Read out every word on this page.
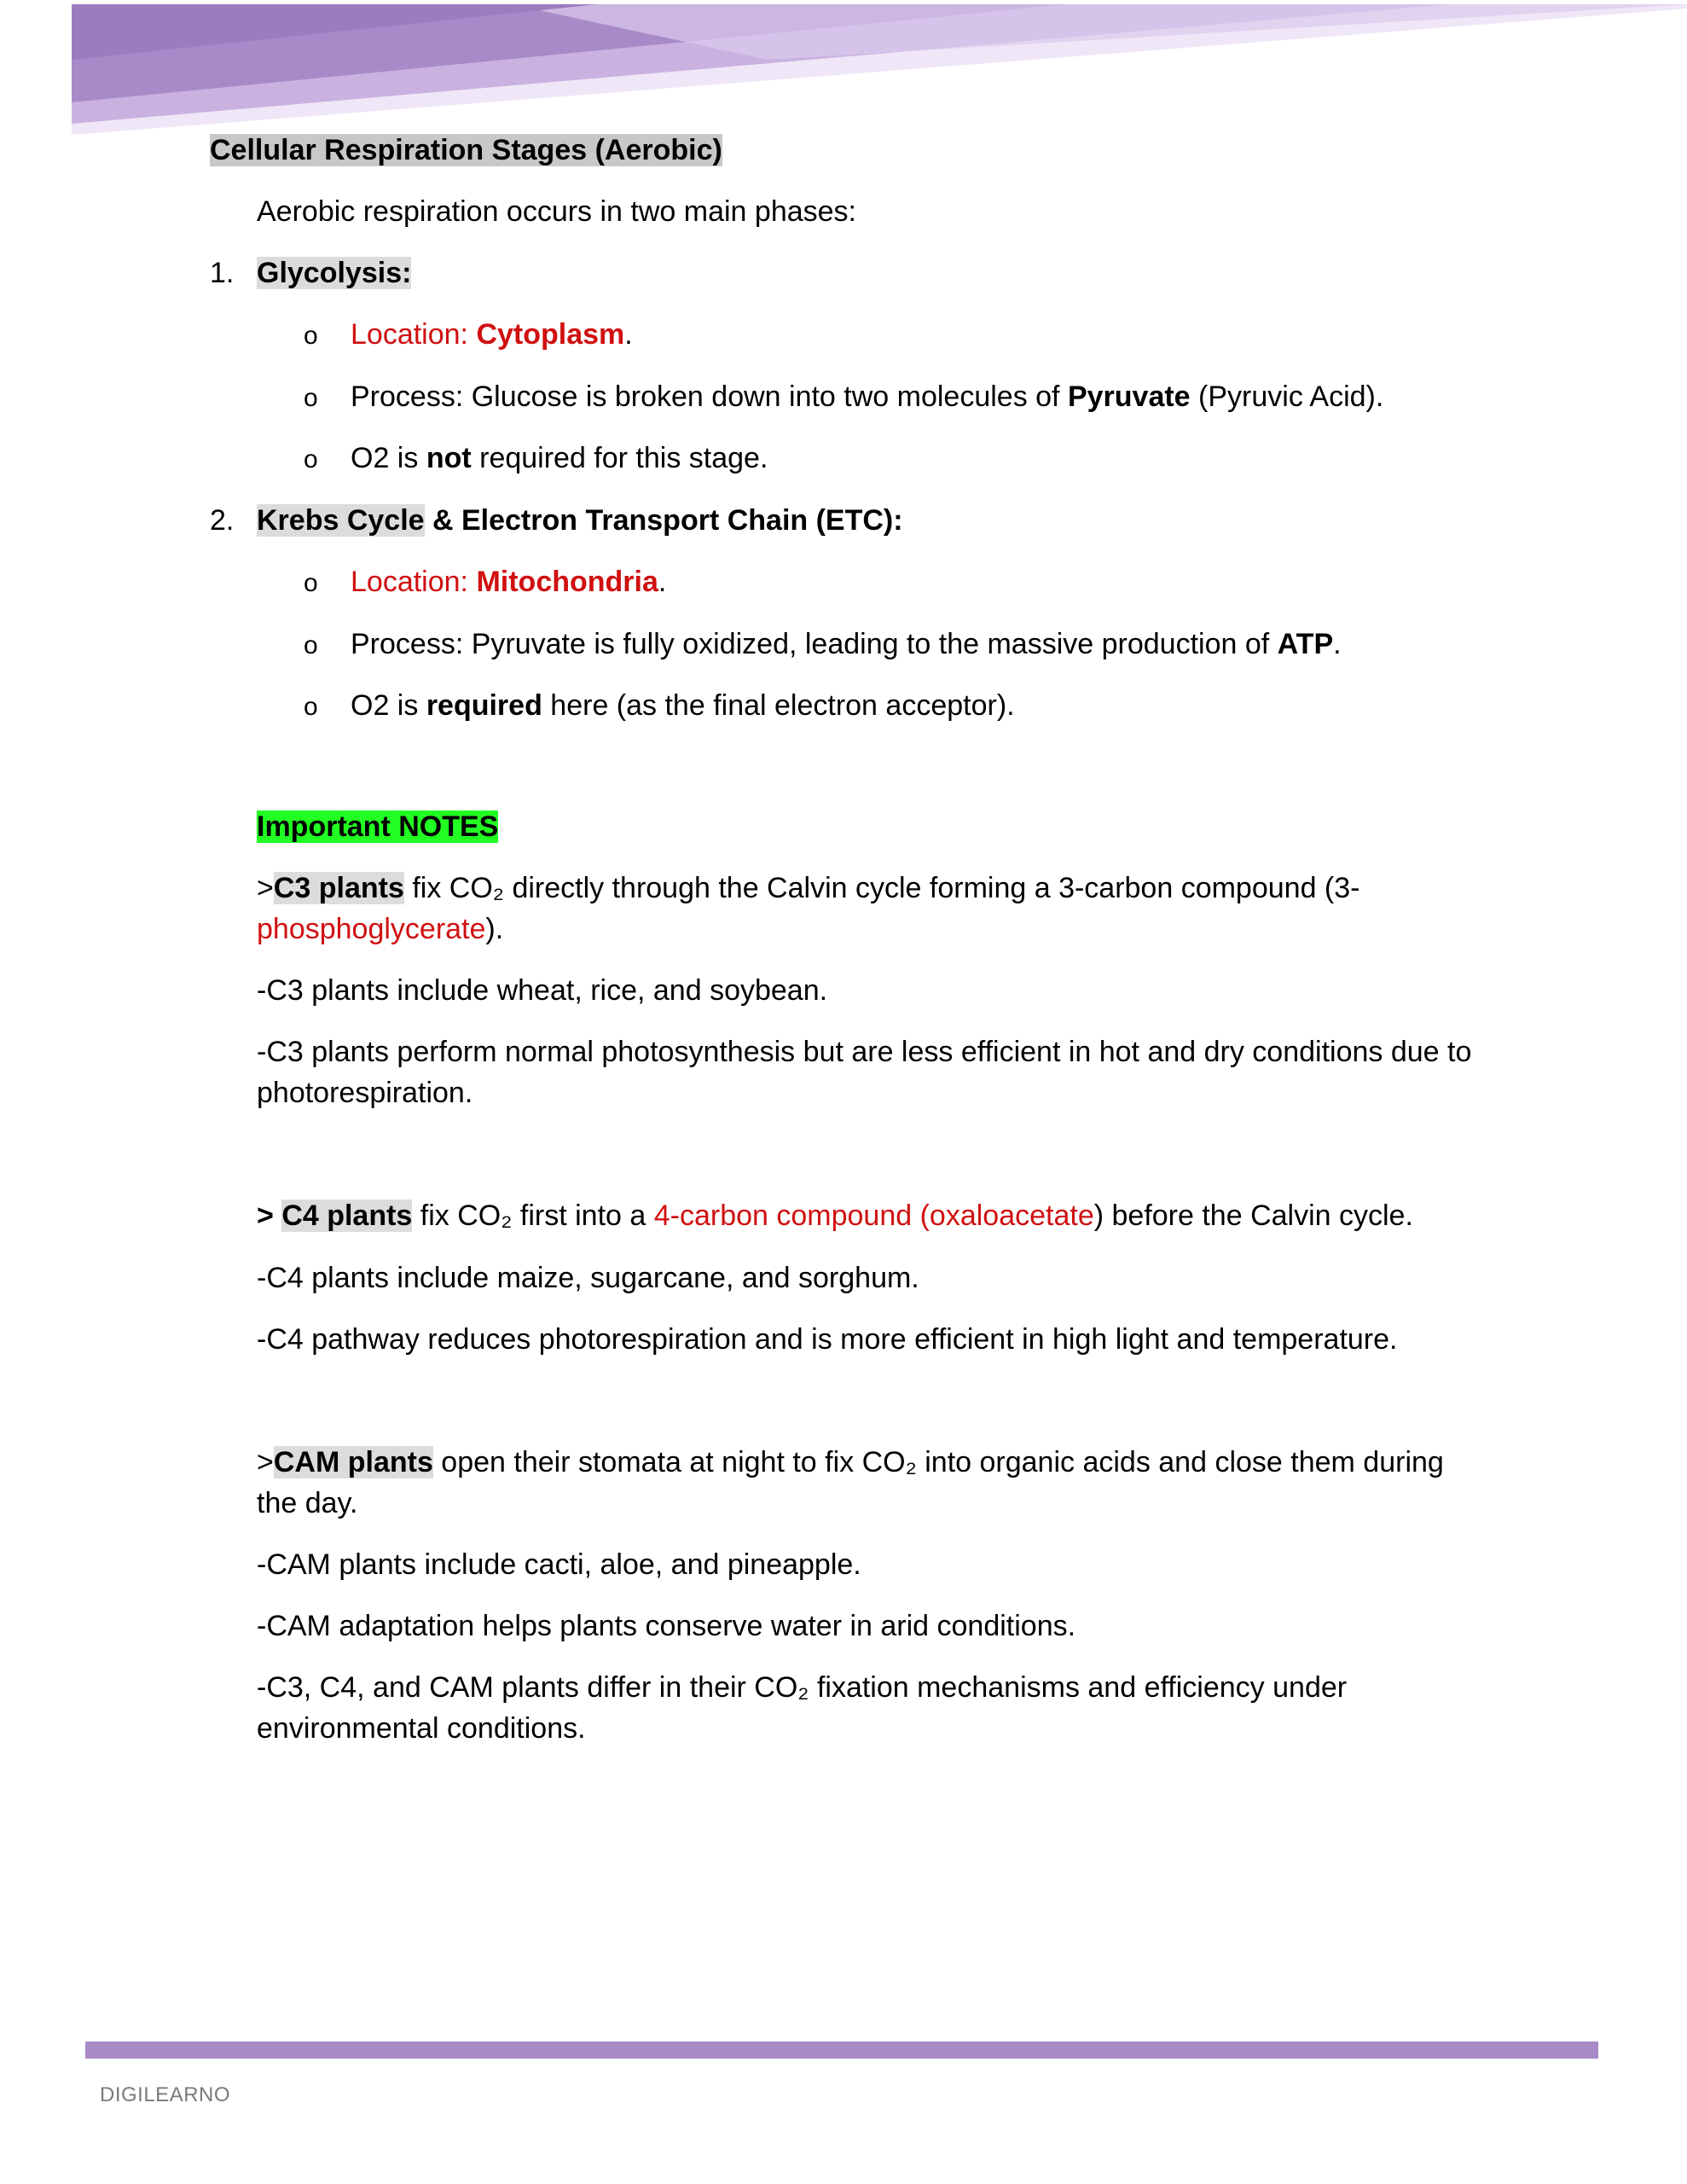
Cellular Respiration Stages (Aerobic)
Aerobic respiration occurs in two main phases:
1. Glycolysis:
o Location: Cytoplasm.
o Process: Glucose is broken down into two molecules of Pyruvate (Pyruvic Acid).
o O2 is not required for this stage.
2. Krebs Cycle & Electron Transport Chain (ETC):
o Location: Mitochondria.
o Process: Pyruvate is fully oxidized, leading to the massive production of ATP.
o O2 is required here (as the final electron acceptor).
Important NOTES
>C3 plants fix CO₂ directly through the Calvin cycle forming a 3-carbon compound (3-phosphoglycerate).
-C3 plants include wheat, rice, and soybean.
-C3 plants perform normal photosynthesis but are less efficient in hot and dry conditions due to photorespiration.
> C4 plants fix CO₂ first into a 4-carbon compound (oxaloacetate) before the Calvin cycle.
-C4 plants include maize, sugarcane, and sorghum.
-C4 pathway reduces photorespiration and is more efficient in high light and temperature.
>CAM plants open their stomata at night to fix CO₂ into organic acids and close them during the day.
-CAM plants include cacti, aloe, and pineapple.
-CAM adaptation helps plants conserve water in arid conditions.
-C3, C4, and CAM plants differ in their CO₂ fixation mechanisms and efficiency under environmental conditions.
DIGILEARNO
